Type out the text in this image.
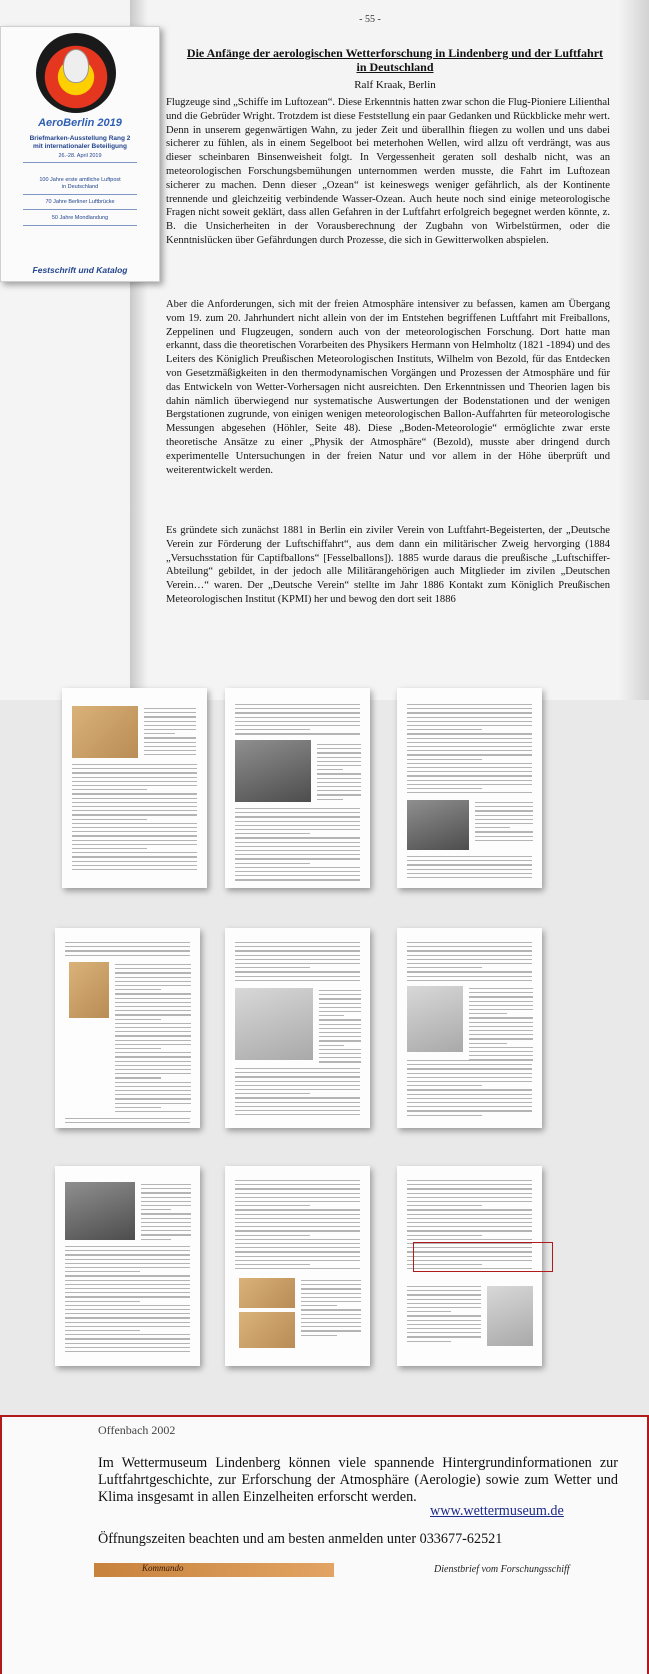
AeroBerlin 2019
Briefmarken-Ausstellung Rang 2
mit internationaler Beteiligung
26.-28. April 2019
100 Jahre erste amtliche Luftpost
in Deutschland
70 Jahre Berliner Luftbrücke
50 Jahre Mondlandung
Festschrift und Katalog
- 55 -
Die Anfänge der aerologischen Wetterforschung in Lindenberg und der Luftfahrt in Deutschland
Ralf Kraak, Berlin

Flugzeuge sind „Schiffe im Luftozean“. Diese Erkenntnis hatten zwar schon die Flug-Pioniere Lilienthal und die Gebrüder Wright. Trotzdem ist diese Feststellung ein paar Gedanken und Rückblicke mehr wert. Denn in unserem gegenwärtigen Wahn, zu jeder Zeit und überallhin fliegen zu wollen und uns dabei sicherer zu fühlen, als in einem Segelboot bei meterhohen Wellen, wird allzu oft verdrängt, was aus dieser scheinbaren Binsenweisheit folgt. In Vergessenheit geraten soll deshalb nicht, was an meteorologischen Forschungsbemühungen unternommen werden musste, die Fahrt im Luftozean sicherer zu machen. Denn dieser „Ozean“ ist keineswegs weniger gefährlich, als der Kontinente trennende und gleichzeitig verbindende Wasser-Ozean. Auch heute noch sind einige meteorologische Fragen nicht soweit geklärt, dass allen Gefahren in der Luftfahrt erfolgreich begegnet werden könnte, z. B. die Unsicherheiten in der Vorausberechnung der Zugbahn von Wirbelstürmen, oder die Kenntnislücken über Gefährdungen durch Prozesse, die sich in Gewitterwolken abspielen.

Aber die Anforderungen, sich mit der freien Atmosphäre intensiver zu befassen, kamen am Übergang vom 19. zum 20. Jahrhundert nicht allein von der im Entstehen begriffenen Luftfahrt mit Freiballons, Zeppelinen und Flugzeugen, sondern auch von der meteorologischen Forschung. Dort hatte man erkannt, dass die theoretischen Vorarbeiten des Physikers Hermann von Helmholtz (1821 -1894) und des Leiters des Königlich Preußischen Meteorologischen Instituts, Wilhelm von Bezold, für das Entdecken von Gesetzmäßigkeiten in den thermodynamischen Vorgängen und Prozessen der Atmosphäre und für das Entwickeln von Wetter-Vorhersagen nicht ausreichten. Den Erkenntnissen und Theorien lagen bis dahin nämlich überwiegend nur systematische Auswertungen der Bodenstationen und der wenigen Bergstationen zugrunde, von einigen wenigen meteorologischen Ballon-Auffahrten für meteorologische Messungen abgesehen (Höhler, Seite 48). Diese „Boden-Meteorologie“ ermöglichte zwar erste theoretische Ansätze zu einer „Physik der Atmosphäre“ (Bezold), musste aber dringend durch experimentelle Untersuchungen in der freien Natur und vor allem in der Höhe überprüft und weiterentwickelt werden.

Es gründete sich zunächst 1881 in Berlin ein ziviler Verein von Luftfahrt-Begeisterten, der „Deutsche Verein zur Förderung der Luftschiffahrt“, aus dem dann ein militärischer Zweig hervorging (1884 „Versuchsstation für Captifballons“ [Fesselballons]). 1885 wurde daraus die preußische „Luftschiffer-Abteilung“ gebildet, in der jedoch alle Militärangehörigen auch Mitglieder im zivilen „Deutschen Verein…“ waren. Der „Deutsche Verein“ stellte im Jahr 1886 Kontakt zum Königlich Preußischen Meteorologischen Institut (KPMI) her und bewog den dort seit 1886

Offenbach 2002

Im Wettermuseum Lindenberg können viele spannende Hintergrundinformationen zur Luftfahrtgeschichte, zur Erforschung der Atmosphäre (Aerologie) sowie zum Wetter und Klima insgesamt in allen Einzelheiten erforscht werden.

www.wettermuseum.de
Öffnungszeiten beachten und am besten anmelden unter 033677-62521
Kommando	Dienstbrief vom Forschungsschiff
